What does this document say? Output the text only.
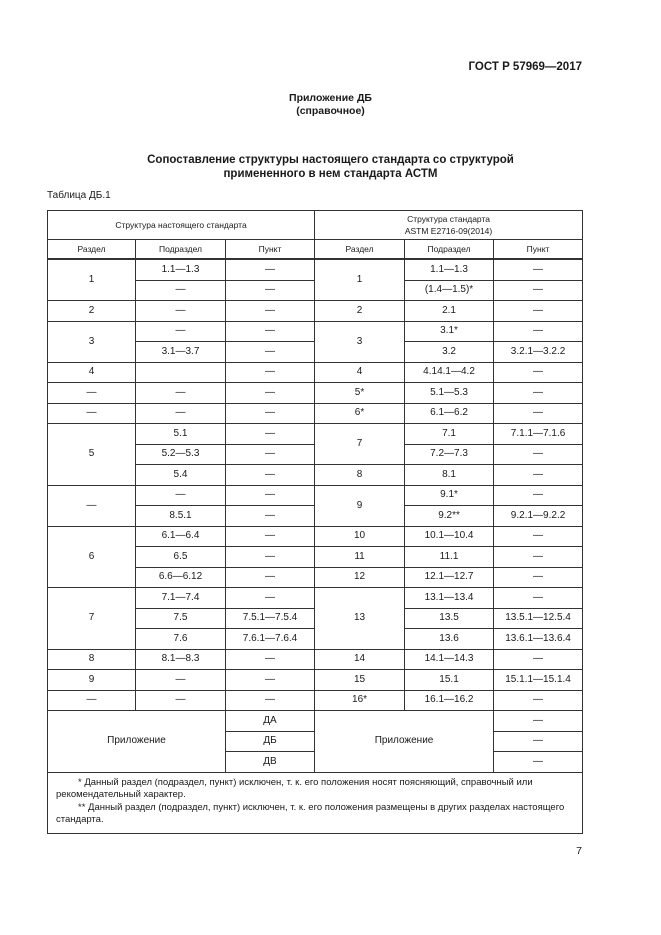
ГОСТ Р 57969—2017
Приложение ДБ
(справочное)
Сопоставление структуры настоящего стандарта со структурой
примененного в нем стандарта АСТМ
Таблица ДБ.1
Структура настоящего стандарта			Структура стандарта
ASTM E2716-09(2014)		

Раздел	Подраздел	Пункт	Раздел	Подраздел	Пункт
1	1.1—1.3	—	1	1.1—1.3	—
	—	—		(1.4—1.5)*	—
2	—	—	2	2.1	—
3	—	—	3	3.1*	—
	3.1—3.7	—		3.2	3.2.1—3.2.2
4		—	4	4.14.1—4.2	—
—	—	—	5*	5.1—5.3	—
—	—	—	6*	6.1—6.2	—
5	5.1	—	7	7.1	7.1.1—7.1.6
	5.2—5.3	—		7.2—7.3	—
	5.4	—	8	8.1	—
—	—	—	9	9.1*	—
	8.5.1	—		9.2**	9.2.1—9.2.2
6	6.1—6.4	—	10	10.1—10.4	—
	6.5	—	11	11.1	—
	6.6—6.12	—	12	12.1—12.7	—
7	7.1—7.4	—	13	13.1—13.4	—
	7.5	7.5.1—7.5.4		13.5	13.5.1—12.5.4
	7.6	7.6.1—7.6.4		13.6	13.6.1—13.6.4
8	8.1—8.3	—	14	14.1—14.3	—
9	—	—	15	15.1	15.1.1—15.1.4
—	—	—	16*	16.1—16.2	—
Приложение		ДА	Приложение		—
		ДБ			—
		ДВ			—

* Данный раздел (подраздел, пункт) исключен, т. к. его положения носят поясняющий, справочный или рекомендательный характер.
** Данный раздел (подраздел, пункт) исключен, т. к. его положения размещены в других разделах настоящего стандарта.					
7
